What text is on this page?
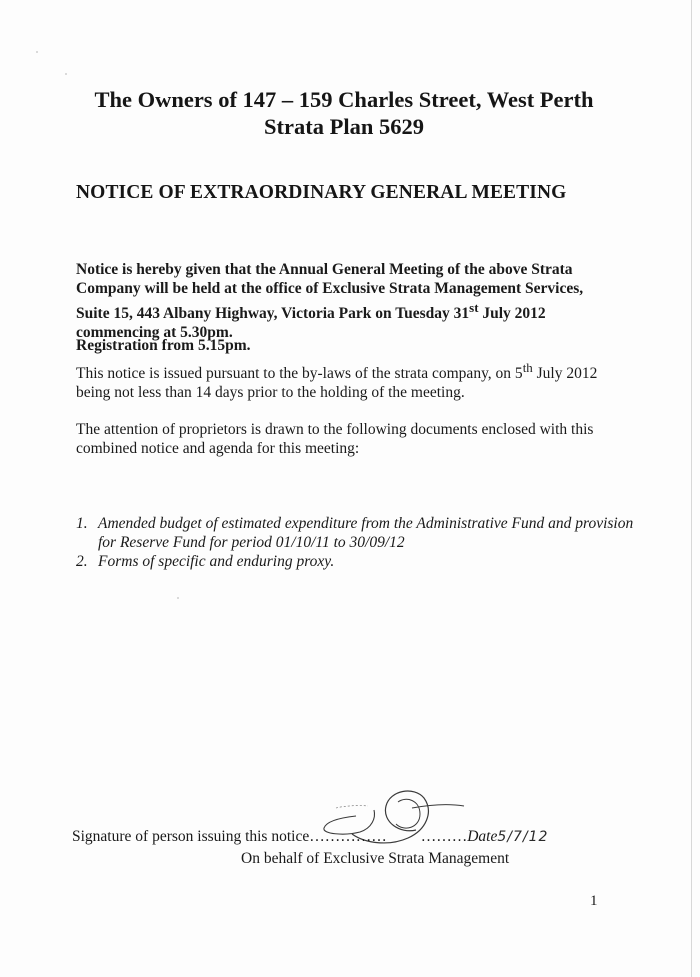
The Owners of 147 – 159 Charles Street, West Perth
Strata Plan 5629
NOTICE OF EXTRAORDINARY GENERAL MEETING
Notice is hereby given that the Annual General Meeting of the above Strata Company will be held at the office of Exclusive Strata Management Services, Suite 15, 443 Albany Highway, Victoria Park on Tuesday 31st July 2012 commencing at 5.30pm.
Registration from 5.15pm.
This notice is issued pursuant to the by-laws of the strata company, on 5th July 2012 being not less than 14 days prior to the holding of the meeting.
The attention of proprietors is drawn to the following documents enclosed with this combined notice and agenda for this meeting:
1. Amended budget of estimated expenditure from the Administrative Fund and provision for Reserve Fund for period 01/10/11 to 30/09/12
2. Forms of specific and enduring proxy.
Signature of person issuing this notice…………… ………Date5/7/12
On behalf of Exclusive Strata Management
1
